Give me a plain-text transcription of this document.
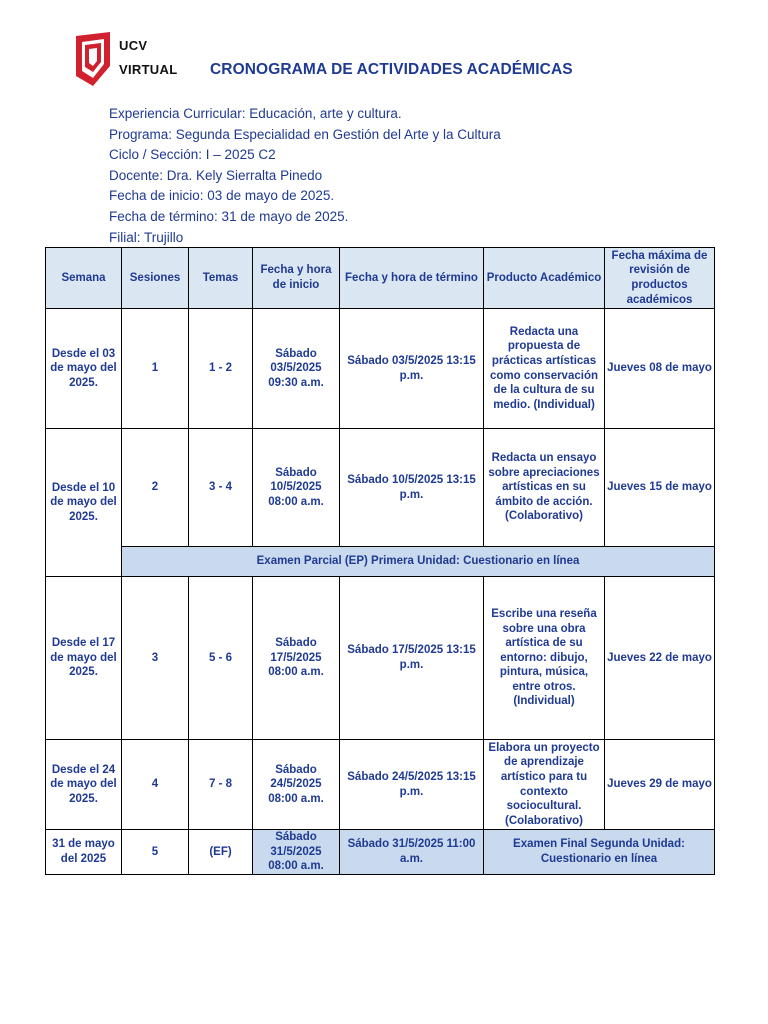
UCV
VIRTUAL CRONOGRAMA DE ACTIVIDADES ACADÉMICAS
Experiencia Curricular: Educación, arte y cultura.
Programa: Segunda Especialidad en Gestión del Arte y la Cultura
Ciclo / Sección: I – 2025 C2
Docente: Dra. Kely Sierralta Pinedo
Fecha de inicio: 03 de mayo de 2025.
Fecha de término: 31 de mayo de 2025.
Filial: Trujillo
Semana	Sesiones	Temas	Fecha y hora de inicio	Fecha y hora de término	Producto Académico	Fecha máxima de revisión de productos académicos
Desde el 03 de mayo del 2025.	1	1 - 2	Sábado 03/5/2025 09:30 a.m.	Sábado 03/5/2025 13:15 p.m.	Redacta una propuesta de prácticas artísticas como conservación de la cultura de su medio. (Individual)	Jueves 08 de mayo
Desde el 10 de mayo del 2025.	2	3 - 4	Sábado 10/5/2025 08:00 a.m.	Sábado 10/5/2025 13:15 p.m.	Redacta un ensayo sobre apreciaciones artísticas en su ámbito de acción. (Colaborativo)	Jueves 15 de mayo
	Examen Parcial (EP) Primera Unidad: Cuestionario en línea					
Desde el 17 de mayo del 2025.	3	5 - 6	Sábado 17/5/2025 08:00 a.m.	Sábado 17/5/2025 13:15 p.m.	Escribe una reseña sobre una obra artística de su entorno: dibujo, pintura, música, entre otros. (Individual)	Jueves 22 de mayo
Desde el 24 de mayo del 2025.	4	7 - 8	Sábado 24/5/2025 08:00 a.m.	Sábado 24/5/2025 13:15 p.m.	Elabora un proyecto de aprendizaje artístico para tu contexto sociocultural. (Colaborativo)	Jueves 29 de mayo
31 de mayo del 2025	5	(EF)	Sábado 31/5/2025 08:00 a.m.	Sábado 31/5/2025 11:00 a.m.	Examen Final Segunda Unidad: Cuestionario en línea	
